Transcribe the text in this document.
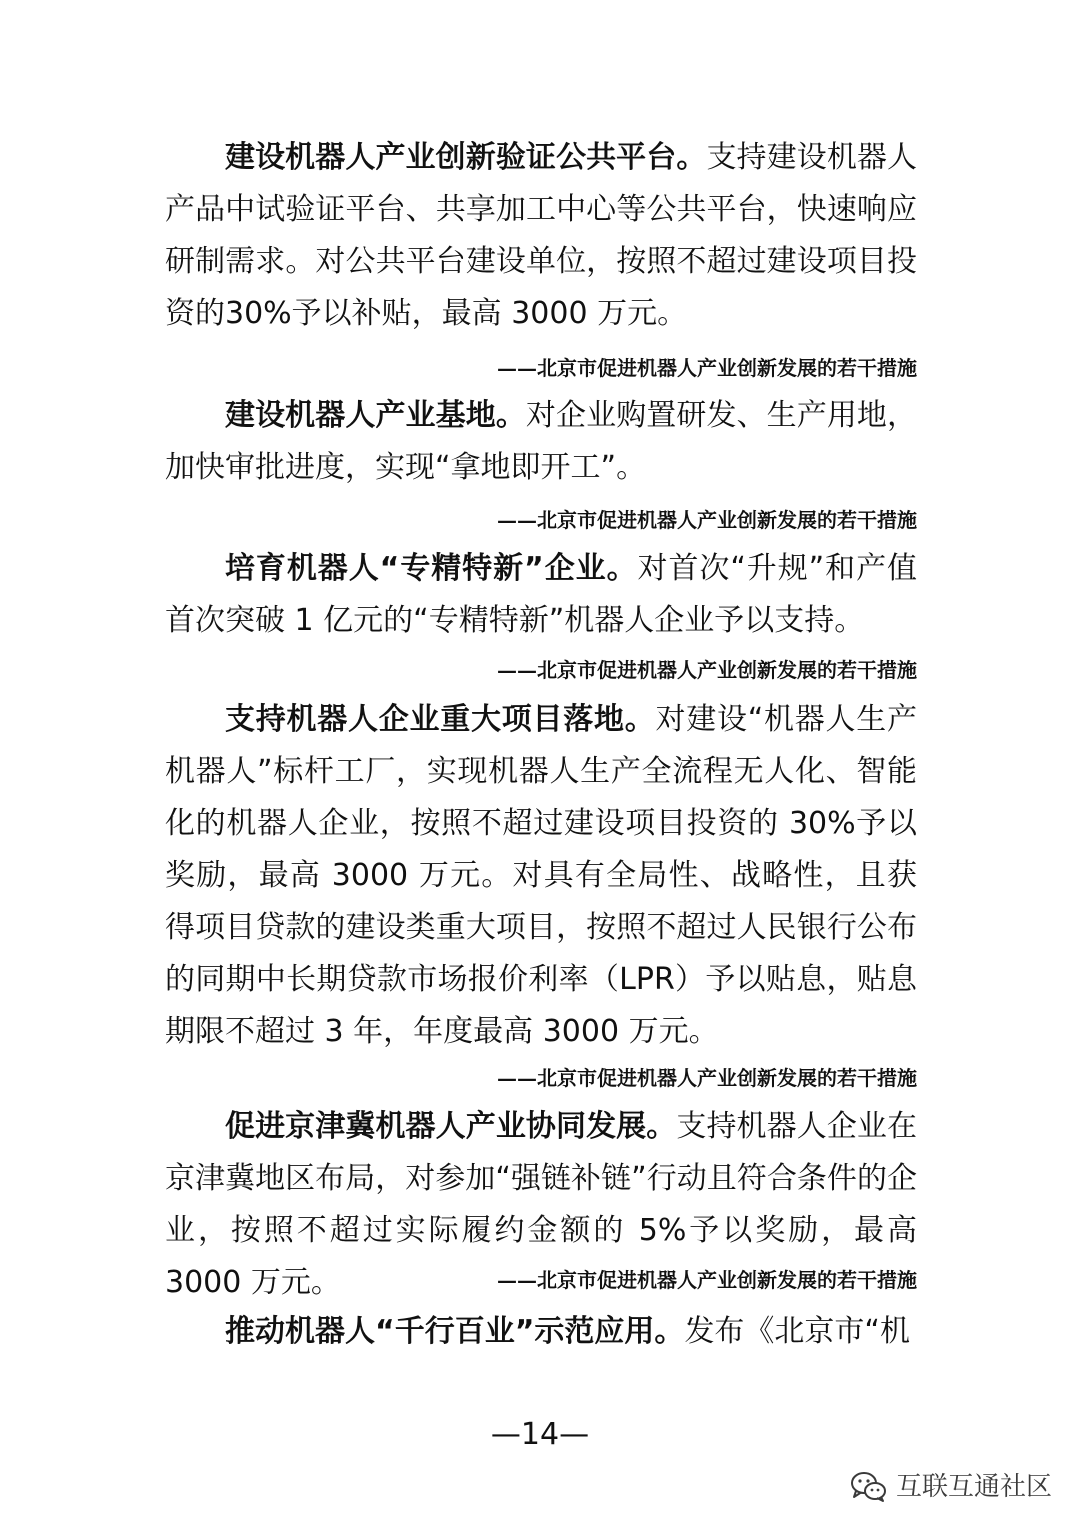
建设机器人产业创新验证公共平台。支持建设机器人产品中试验证平台、共享加工中心等公共平台，快速响应研制需求。对公共平台建设单位，按照不超过建设项目投资的30%予以补贴，最高 3000 万元。

——北京市促进机器人产业创新发展的若干措施

建设机器人产业基地。对企业购置研发、生产用地，加快审批进度，实现“拿地即开工”。

——北京市促进机器人产业创新发展的若干措施

培育机器人“专精特新”企业。对首次“升规”和产值首次突破 1 亿元的“专精特新”机器人企业予以支持。

——北京市促进机器人产业创新发展的若干措施

支持机器人企业重大项目落地。对建设“机器人生产机器人”标杆工厂，实现机器人生产全流程无人化、智能化的机器人企业，按照不超过建设项目投资的 30%予以奖励，最高 3000 万元。对具有全局性、战略性，且获得项目贷款的建设类重大项目，按照不超过人民银行公布的同期中长期贷款市场报价利率（LPR）予以贴息，贴息期限不超过 3 年，年度最高 3000 万元。

——北京市促进机器人产业创新发展的若干措施

促进京津冀机器人产业协同发展。支持机器人企业在京津冀地区布局，对参加“强链补链”行动且符合条件的企业，按照不超过实际履约金额的 5%予以奖励，最高 3000 万元。	——北京市促进机器人产业创新发展的若干措施

推动机器人“千行百业”示范应用。发布《北京市“机

—14—
互联互通社区
